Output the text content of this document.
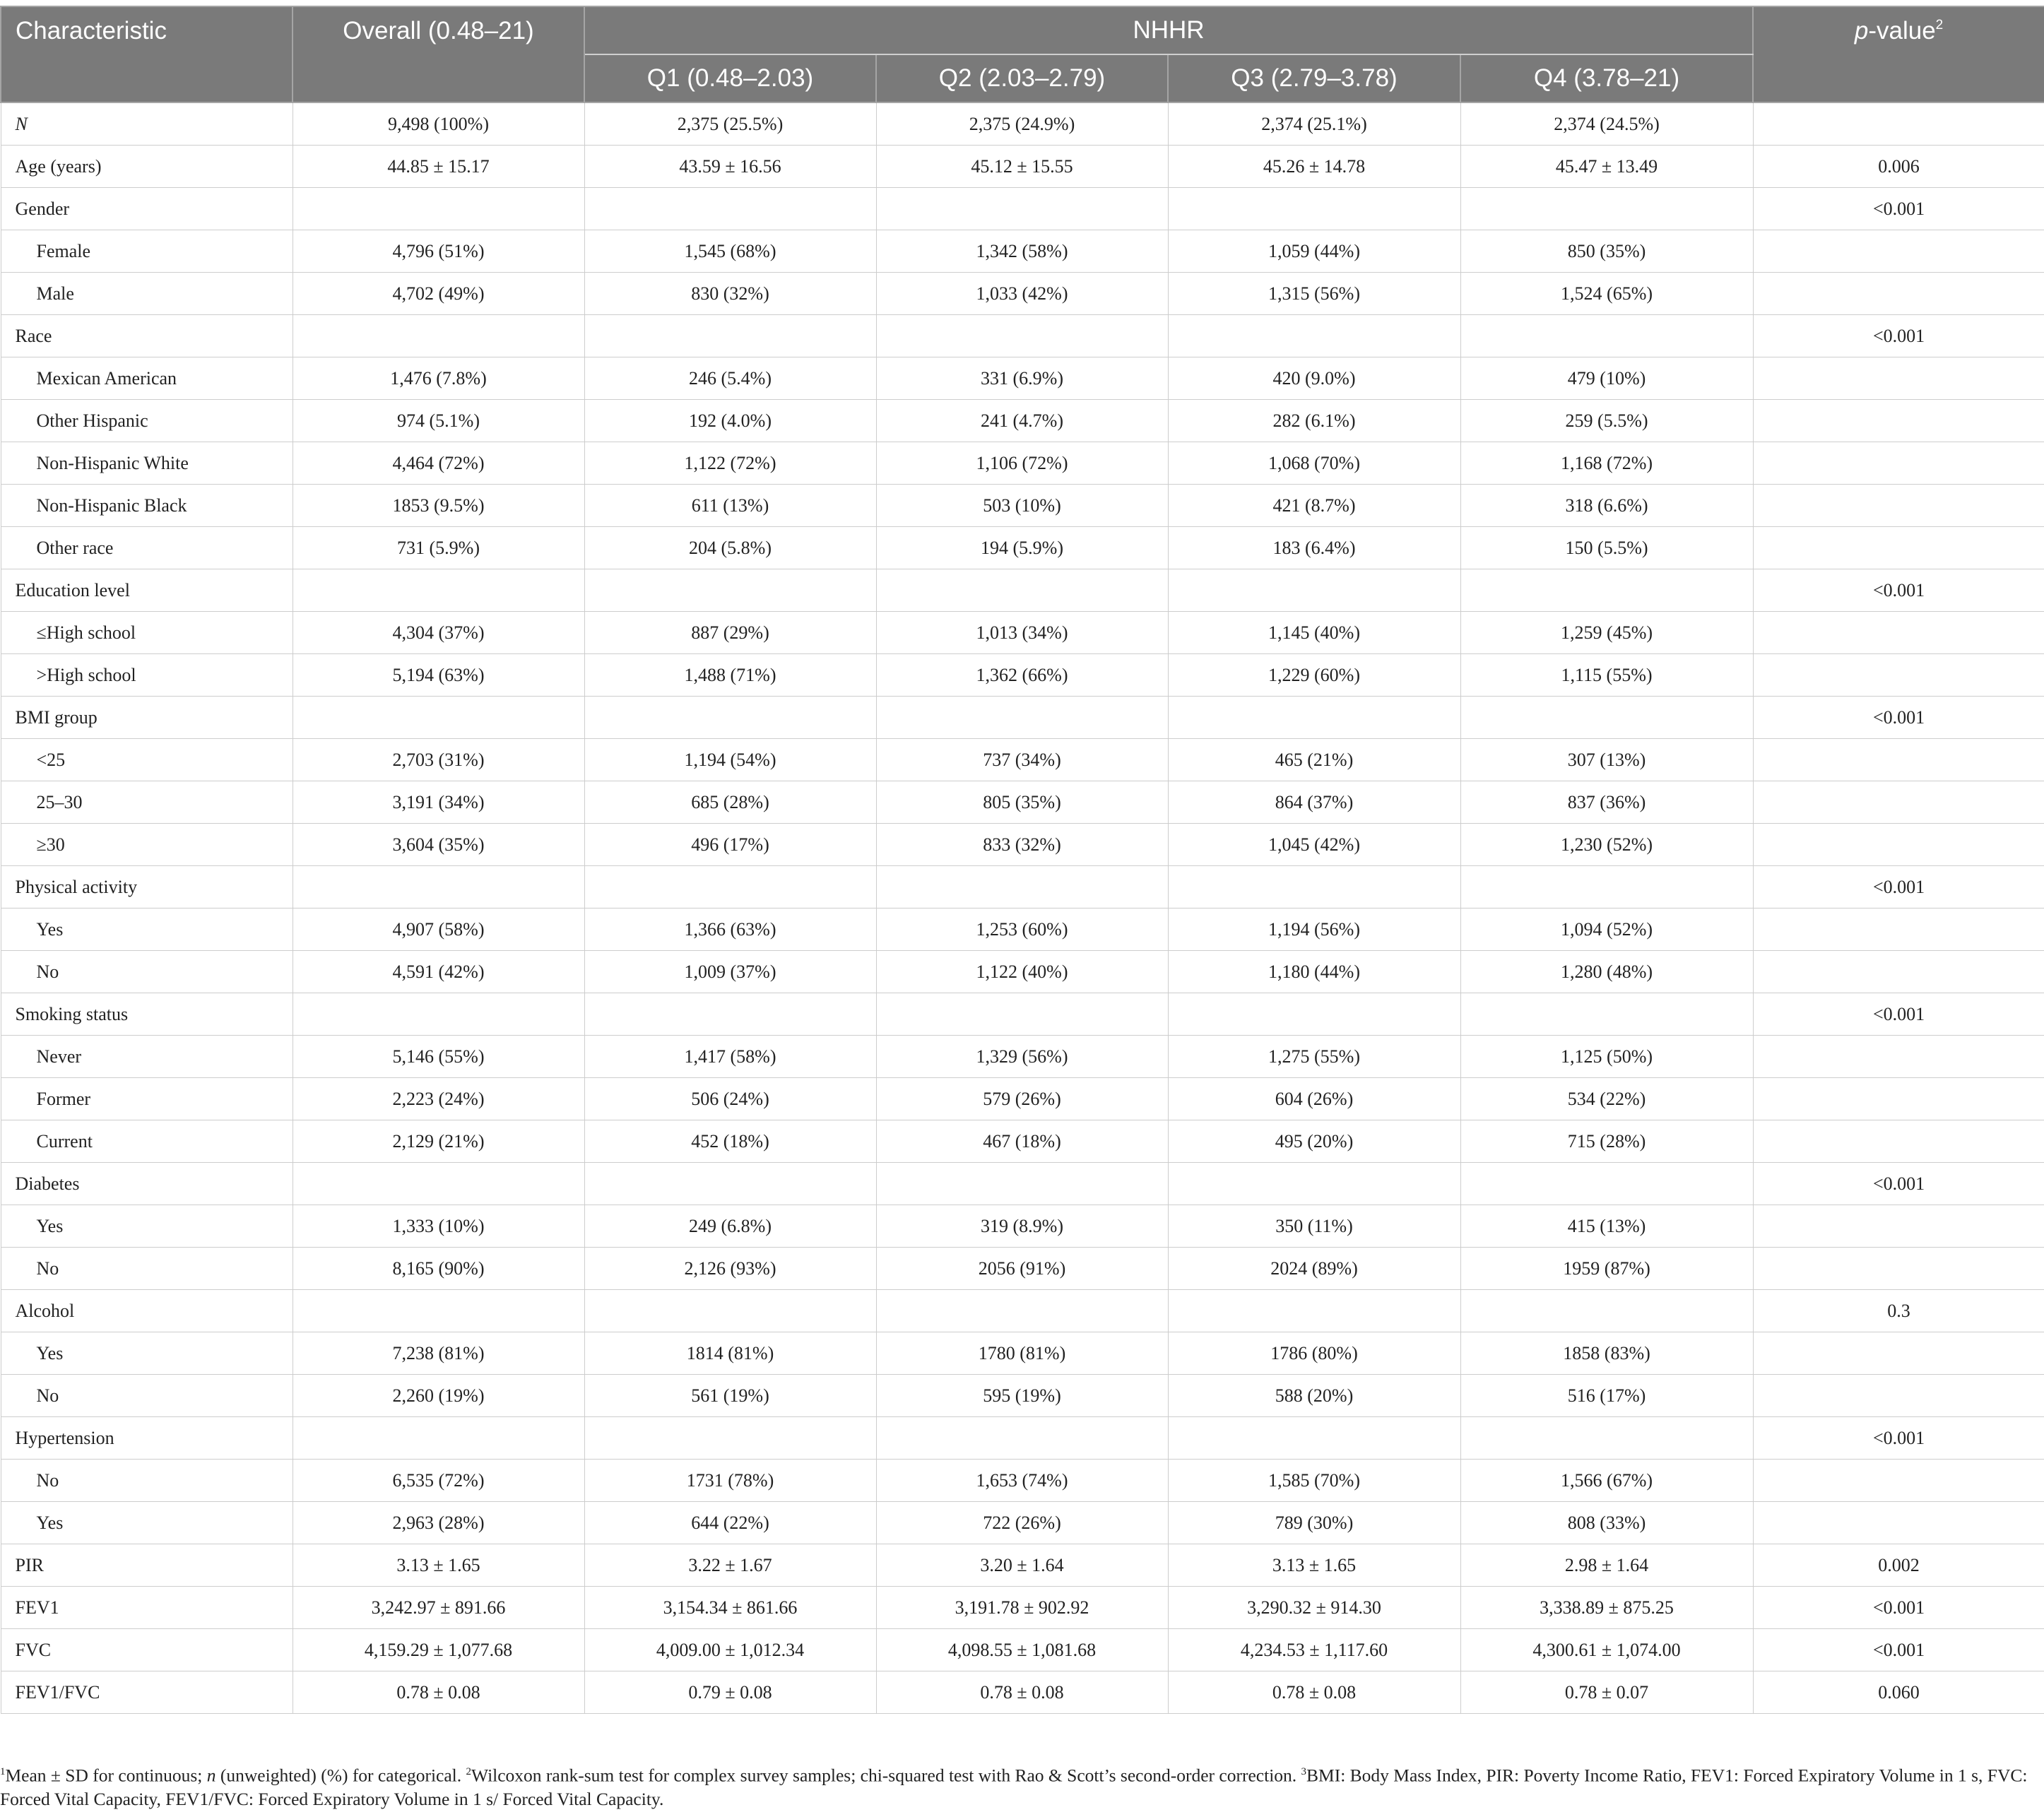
Characteristic	Overall (0.48–21)	NHHR				p-value$^2$
		Q1 (0.48–2.03)	Q2 (2.03–2.79)	Q3 (2.79–3.78)	Q4 (3.78–21)	
N	9,498 (100%)	2,375 (25.5%)	2,375 (24.9%)	2,374 (25.1%)	2,374 (24.5%)	
Age (years)	44.85 ± 15.17	43.59 ± 16.56	45.12 ± 15.55	45.26 ± 14.78	45.47 ± 13.49	0.006
Gender						<0.001
Female	4,796 (51%)	1,545 (68%)	1,342 (58%)	1,059 (44%)	850 (35%)	
Male	4,702 (49%)	830 (32%)	1,033 (42%)	1,315 (56%)	1,524 (65%)	
Race						<0.001
Mexican American	1,476 (7.8%)	246 (5.4%)	331 (6.9%)	420 (9.0%)	479 (10%)	
Other Hispanic	974 (5.1%)	192 (4.0%)	241 (4.7%)	282 (6.1%)	259 (5.5%)	
Non-Hispanic White	4,464 (72%)	1,122 (72%)	1,106 (72%)	1,068 (70%)	1,168 (72%)	
Non-Hispanic Black	1853 (9.5%)	611 (13%)	503 (10%)	421 (8.7%)	318 (6.6%)	
Other race	731 (5.9%)	204 (5.8%)	194 (5.9%)	183 (6.4%)	150 (5.5%)	
Education level						<0.001
≤High school	4,304 (37%)	887 (29%)	1,013 (34%)	1,145 (40%)	1,259 (45%)	
>High school	5,194 (63%)	1,488 (71%)	1,362 (66%)	1,229 (60%)	1,115 (55%)	
BMI group						<0.001
<25	2,703 (31%)	1,194 (54%)	737 (34%)	465 (21%)	307 (13%)	
25–30	3,191 (34%)	685 (28%)	805 (35%)	864 (37%)	837 (36%)	
≥30	3,604 (35%)	496 (17%)	833 (32%)	1,045 (42%)	1,230 (52%)	
Physical activity						<0.001
Yes	4,907 (58%)	1,366 (63%)	1,253 (60%)	1,194 (56%)	1,094 (52%)	
No	4,591 (42%)	1,009 (37%)	1,122 (40%)	1,180 (44%)	1,280 (48%)	
Smoking status						<0.001
Never	5,146 (55%)	1,417 (58%)	1,329 (56%)	1,275 (55%)	1,125 (50%)	
Former	2,223 (24%)	506 (24%)	579 (26%)	604 (26%)	534 (22%)	
Current	2,129 (21%)	452 (18%)	467 (18%)	495 (20%)	715 (28%)	
Diabetes						<0.001
Yes	1,333 (10%)	249 (6.8%)	319 (8.9%)	350 (11%)	415 (13%)	
No	8,165 (90%)	2,126 (93%)	2056 (91%)	2024 (89%)	1959 (87%)	
Alcohol						0.3
Yes	7,238 (81%)	1814 (81%)	1780 (81%)	1786 (80%)	1858 (83%)	
No	2,260 (19%)	561 (19%)	595 (19%)	588 (20%)	516 (17%)	
Hypertension						<0.001
No	6,535 (72%)	1731 (78%)	1,653 (74%)	1,585 (70%)	1,566 (67%)	
Yes	2,963 (28%)	644 (22%)	722 (26%)	789 (30%)	808 (33%)	
PIR	3.13 ± 1.65	3.22 ± 1.67	3.20 ± 1.64	3.13 ± 1.65	2.98 ± 1.64	0.002
FEV1	3,242.97 ± 891.66	3,154.34 ± 861.66	3,191.78 ± 902.92	3,290.32 ± 914.30	3,338.89 ± 875.25	<0.001
FVC	4,159.29 ± 1,077.68	4,009.00 ± 1,012.34	4,098.55 ± 1,081.68	4,234.53 ± 1,117.60	4,300.61 ± 1,074.00	<0.001
FEV1/FVC	0.78 ± 0.08	0.79 ± 0.08	0.78 ± 0.08	0.78 ± 0.08	0.78 ± 0.07	0.060
$^1$Mean ± SD for continuous; n (unweighted) (%) for categorical. $^2$Wilcoxon rank-sum test for complex survey samples; chi-squared test with Rao & Scott’s second-order correction. $^3$BMI: Body Mass Index, PIR: Poverty Income Ratio, FEV1: Forced Expiratory Volume in 1 s, FVC: Forced Vital Capacity, FEV1/FVC: Forced Expiratory Volume in 1 s/ Forced Vital Capacity.
